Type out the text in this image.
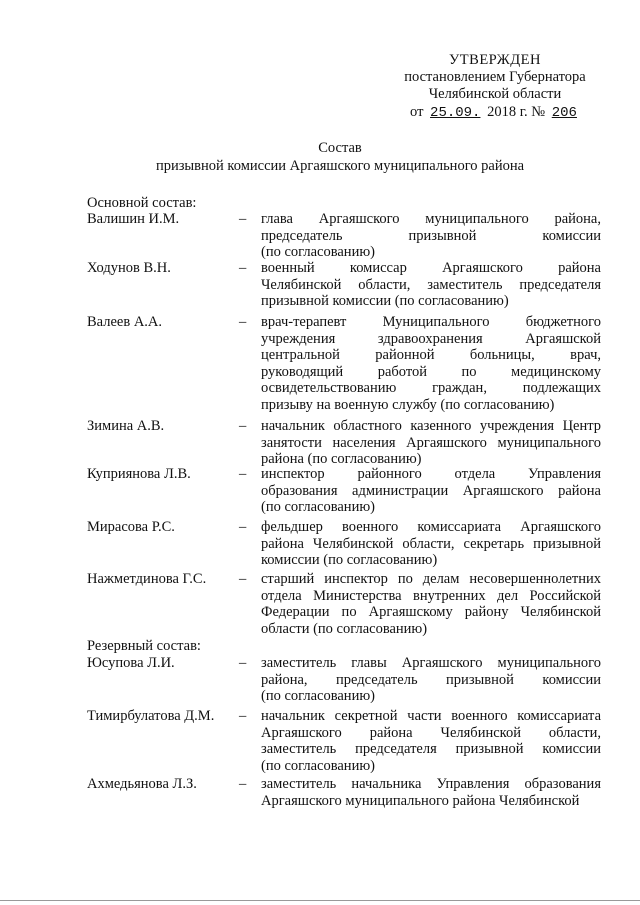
УТВЕРЖДЕН
постановлением Губернатора
Челябинской области
от 25.09. 2018 г. № 206
Состав
призывной комиссии Аргаяшского муниципального района
Основной состав:
Валишин И.М.	– глава Аргаяшского муниципального района,
председатель призывной комиссии
(по согласованию)
Ходунов В.Н.	– военный комиссар Аргаяшского района
Челябинской области, заместитель председателя
призывной комиссии (по согласованию)
Валеев А.А.	– врач-терапевт Муниципального бюджетного
учреждения здравоохранения Аргаяшской
центральной районной больницы, врач,
руководящий работой по медицинскому
освидетельствованию граждан, подлежащих
призыву на военную службу (по согласованию)
Зимина А.В.	– начальник областного казенного учреждения Центр
занятости населения Аргаяшского муниципального
района (по согласованию)
Куприянова Л.В.	– инспектор районного отдела Управления
образования администрации Аргаяшского района
(по согласованию)
Мирасова Р.С.	– фельдшер военного комиссариата Аргаяшского
района Челябинской области, секретарь призывной
комиссии (по согласованию)
Нажметдинова Г.С. – старший инспектор по делам несовершеннолетних
отдела Министерства внутренних дел Российской
Федерации по Аргаяшскому району Челябинской
области (по согласованию)
Резервный состав:
Юсупова Л.И.	– заместитель главы Аргаяшского муниципального
района, председатель призывной комиссии
(по согласованию)
Тимирбулатова Д.М. – начальник секретной части военного комиссариата
Аргаяшского района Челябинской области,
заместитель председателя призывной комиссии
(по согласованию)
Ахмедьянова Л.З.	– заместитель начальника Управления образования
Аргаяшского муниципального района Челябинской
